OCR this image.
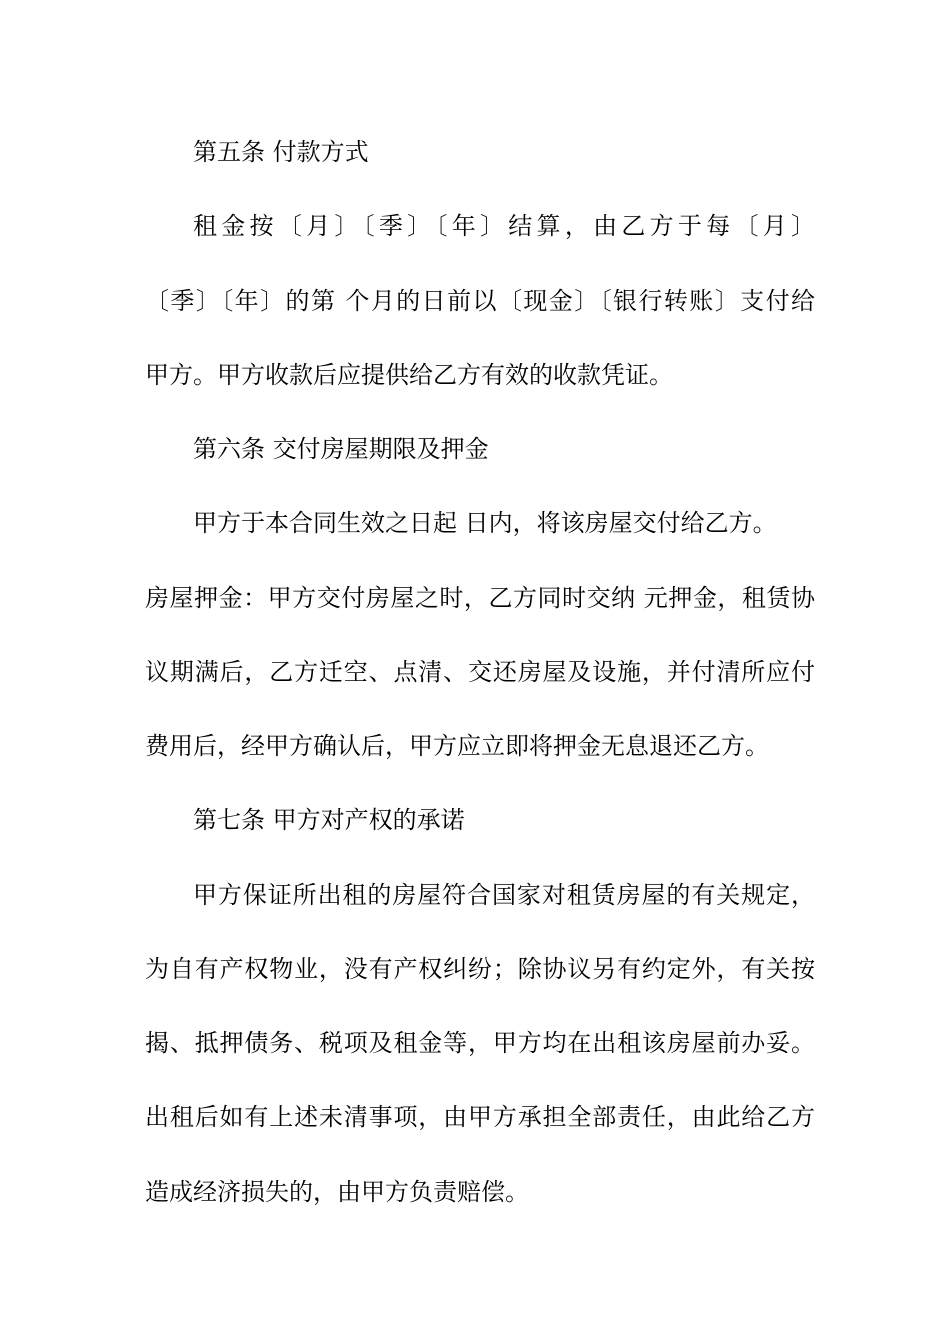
第五条 付款方式
租金按〔月〕〔季〕〔年〕结算，由乙方于每〔月〕
〔季〕〔年〕的第 个月的日前以〔现金〕〔银行转账〕支付给
甲方。甲方收款后应提供给乙方有效的收款凭证。
第六条 交付房屋期限及押金
甲方于本合同生效之日起 日内，将该房屋交付给乙方。
房屋押金：甲方交付房屋之时，乙方同时交纳 元押金，租赁协
议期满后，乙方迁空、点清、交还房屋及设施，并付清所应付
费用后，经甲方确认后，甲方应立即将押金无息退还乙方。
第七条 甲方对产权的承诺
甲方保证所出租的房屋符合国家对租赁房屋的有关规定，
为自有产权物业，没有产权纠纷；除协议另有约定外，有关按
揭、抵押债务、税项及租金等，甲方均在出租该房屋前办妥。
出租后如有上述未清事项，由甲方承担全部责任，由此给乙方
造成经济损失的，由甲方负责赔偿。
